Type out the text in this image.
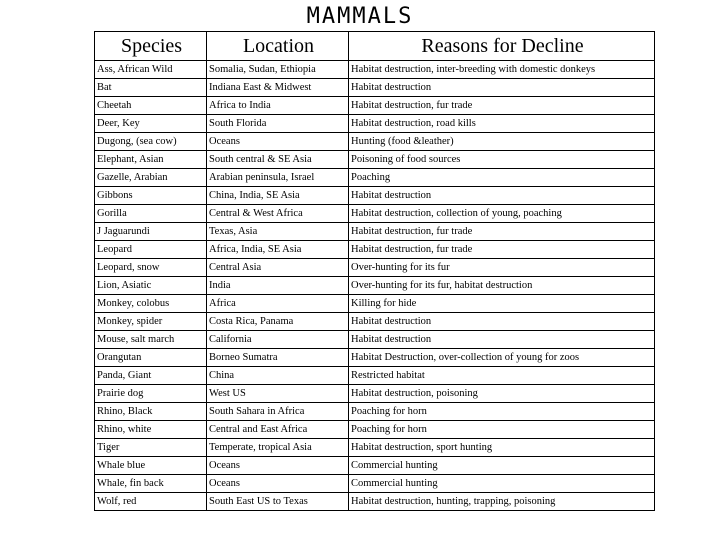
MAMMALS
Species	Location	Reasons for Decline
Ass, African Wild	Somalia, Sudan, Ethiopia	Habitat destruction, inter-breeding with domestic donkeys
Bat	Indiana East & Midwest	Habitat destruction
Cheetah	Africa to India	Habitat destruction, fur trade
Deer, Key	South Florida	Habitat destruction, road kills
Dugong, (sea cow)	Oceans	Hunting (food &leather)
Elephant, Asian	South central & SE Asia	Poisoning of food sources
Gazelle, Arabian	Arabian peninsula, Israel	Poaching
Gibbons	China, India, SE Asia	Habitat destruction
Gorilla	Central & West Africa	Habitat destruction, collection of young, poaching
J Jaguarundi	Texas, Asia	Habitat destruction, fur trade
Leopard	Africa, India, SE Asia	Habitat destruction, fur trade
Leopard, snow	Central Asia	Over-hunting for its fur
Lion, Asiatic	India	Over-hunting for its fur, habitat destruction
Monkey, colobus	Africa	Killing for hide
Monkey, spider	Costa Rica, Panama	Habitat destruction
Mouse, salt march	California	Habitat destruction
Orangutan	Borneo Sumatra	Habitat Destruction, over-collection of young for zoos
Panda, Giant	China	Restricted habitat
Prairie dog	West US	Habitat destruction, poisoning
Rhino, Black	South Sahara in Africa	Poaching for horn
Rhino, white	Central and East Africa	Poaching for horn
Tiger	Temperate, tropical Asia	Habitat destruction, sport hunting
Whale blue	Oceans	Commercial hunting
Whale, fin back	Oceans	Commercial hunting
Wolf, red	South East US to Texas	Habitat destruction, hunting, trapping, poisoning
